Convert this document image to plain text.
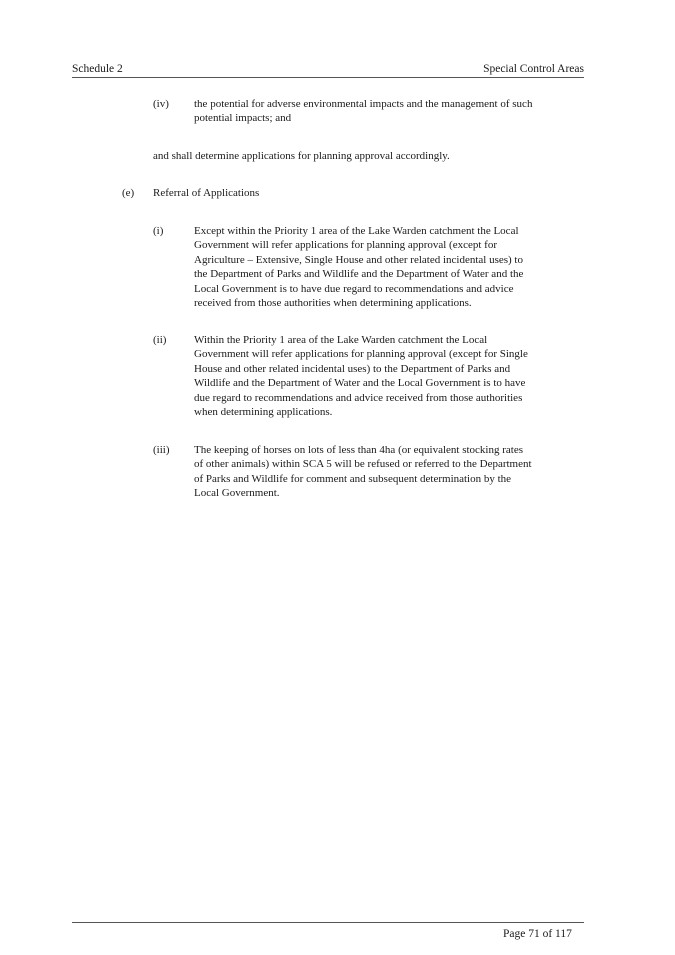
Schedule 2	Special Control Areas
(iv) the potential for adverse environmental impacts and the management of such
potential impacts; and
and shall determine applications for planning approval accordingly.
(e) Referral of Applications
(i)	Except within the Priority 1 area of the Lake Warden catchment the Local
Government will refer applications for planning approval (except for
Agriculture – Extensive, Single House and other related incidental uses) to
the Department of Parks and Wildlife and the Department of Water and the
Local Government is to have due regard to recommendations and advice
received from those authorities when determining applications.
(ii)	Within the Priority 1 area of the Lake Warden catchment the Local
Government will refer applications for planning approval (except for Single
House and other related incidental uses) to the Department of Parks and
Wildlife and the Department of Water and the Local Government is to have
due regard to recommendations and advice received from those authorities
when determining applications.
(iii) The keeping of horses on lots of less than 4ha (or equivalent stocking rates
of other animals) within SCA 5 will be refused or referred to the Department
of Parks and Wildlife for comment and subsequent determination by the
Local Government.
Page 71 of 117
